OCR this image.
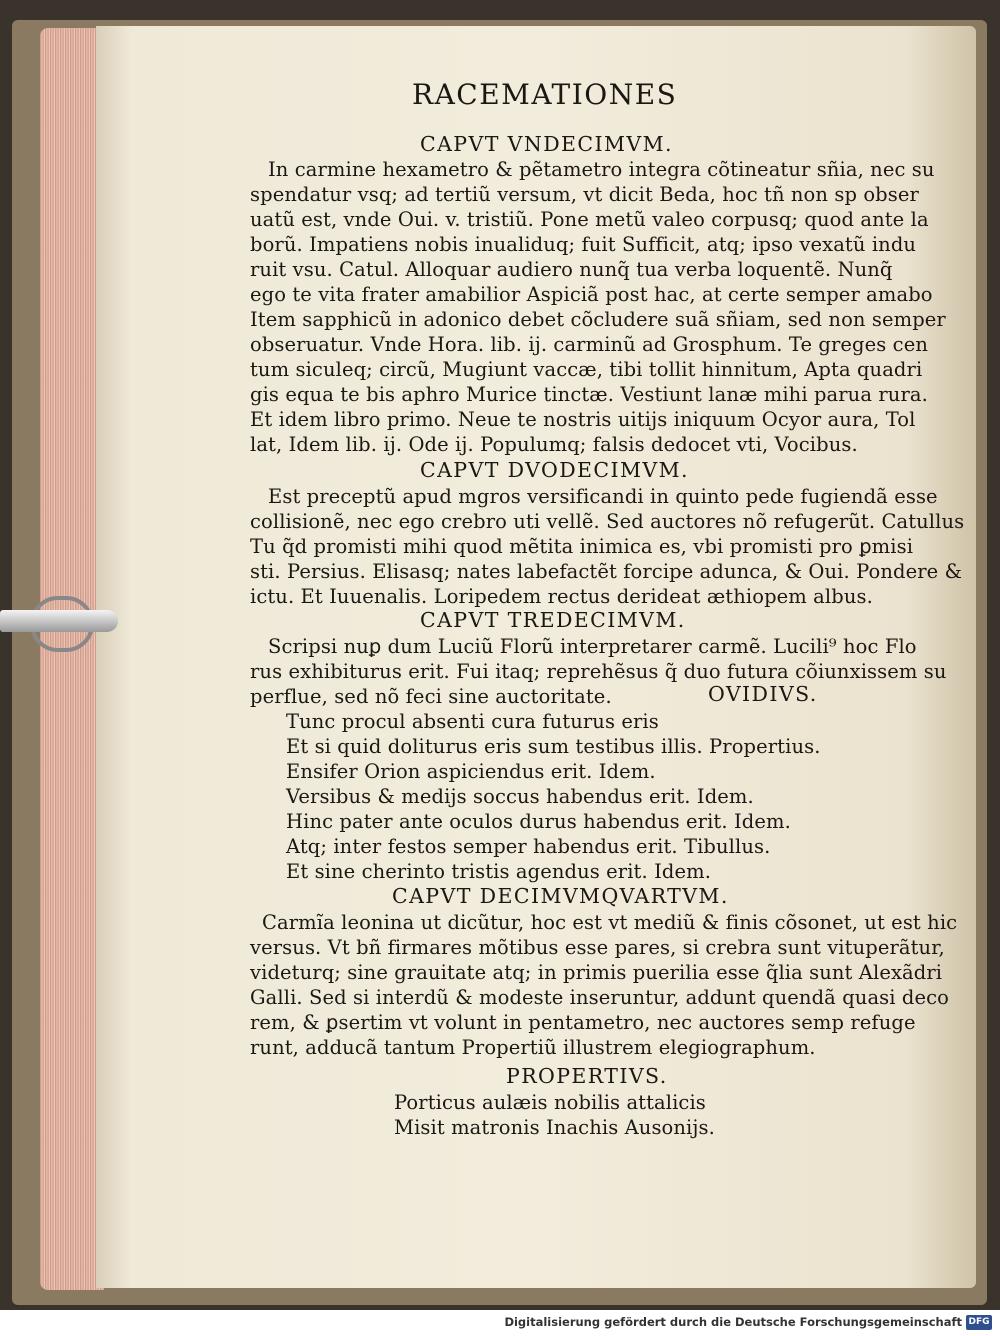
RACEMATIONES
CAPVT VNDECIMVM.
In carmine hexametro & pẽtametro integra cõtineatur sñia, nec su
spendatur vsq; ad tertiũ versum, vt dicit Beda, hoc tñ non sp obser
uatũ est, vnde Oui. v. tristiũ. Pone metũ valeo corpusq; quod ante la
borũ. Impatiens nobis inualiduq; fuit Sufficit, atq; ipso vexatũ indu
ruit vsu. Catul. Alloquar audiero nunq̃ tua verba loquentẽ. Nunq̃
ego te vita frater amabilior Aspiciã post hac, at certe semper amabo
Item sapphicũ in adonico debet cõcludere suã sñiam, sed non semper
obseruatur. Vnde Hora. lib. ij. carminũ ad Grosphum. Te greges cen
tum siculeq; circũ, Mugiunt vaccæ, tibi tollit hinnitum, Apta quadri
gis equa te bis aphro Murice tinctæ. Vestiunt lanæ mihi parua rura.
Et idem libro primo. Neue te nostris uitijs iniquum Ocyor aura, Tol
lat, Idem lib. ij. Ode ij. Populumq; falsis dedocet vti, Vocibus.
CAPVT DVODECIMVM.
Est preceptũ apud mgros versificandi in quinto pede fugiendã esse
collisionẽ, nec ego crebro uti vellẽ. Sed auctores nõ refugerũt. Catullus
Tu q̃d promisti mihi quod mẽtita inimica es, vbi promisti pro ꝑmisi
sti. Persius. Elisasq; nates labefactẽt forcipe adunca, & Oui. Pondere &
ictu. Et Iuuenalis. Loripedem rectus derideat æthiopem albus.
CAPVT TREDECIMVM.
Scripsi nuꝑ dum Luciũ Florũ interpretarer carmẽ. Lucili⁹ hoc Flo
rus exhibiturus erit. Fui itaq; reprehẽsus q̃ duo futura cõiunxissem su
perflue, sed nõ feci sine auctoritate.	OVIDIVS.
Tunc procul absenti cura futurus eris
Et si quid doliturus eris sum testibus illis. Propertius.
Ensifer Orion aspiciendus erit. Idem.
Versibus & medijs soccus habendus erit. Idem.
Hinc pater ante oculos durus habendus erit. Idem.
Atq; inter festos semper habendus erit. Tibullus.
Et sine cherinto tristis agendus erit. Idem.
CAPVT DECIMVMQVARTVM.
Carmĩa leonina ut dicũtur, hoc est vt mediũ & finis cõsonet, ut est hic
versus. Vt bñ firmares mõtibus esse pares, si crebra sunt vituperãtur,
videturq; sine grauitate atq; in primis puerilia esse q̃lia sunt Alexãdri
Galli. Sed si interdũ & modeste inseruntur, addunt quendã quasi deco
rem, & ꝑsertim vt volunt in pentametro, nec auctores semp refuge
runt, adducã tantum Propertiũ illustrem elegiographum.
PROPERTIVS.
Porticus aulæis nobilis attalicis
Misit matronis Inachis Ausonijs.
Digitalisierung gefördert durch die Deutsche Forschungsgemeinschaft DFG
